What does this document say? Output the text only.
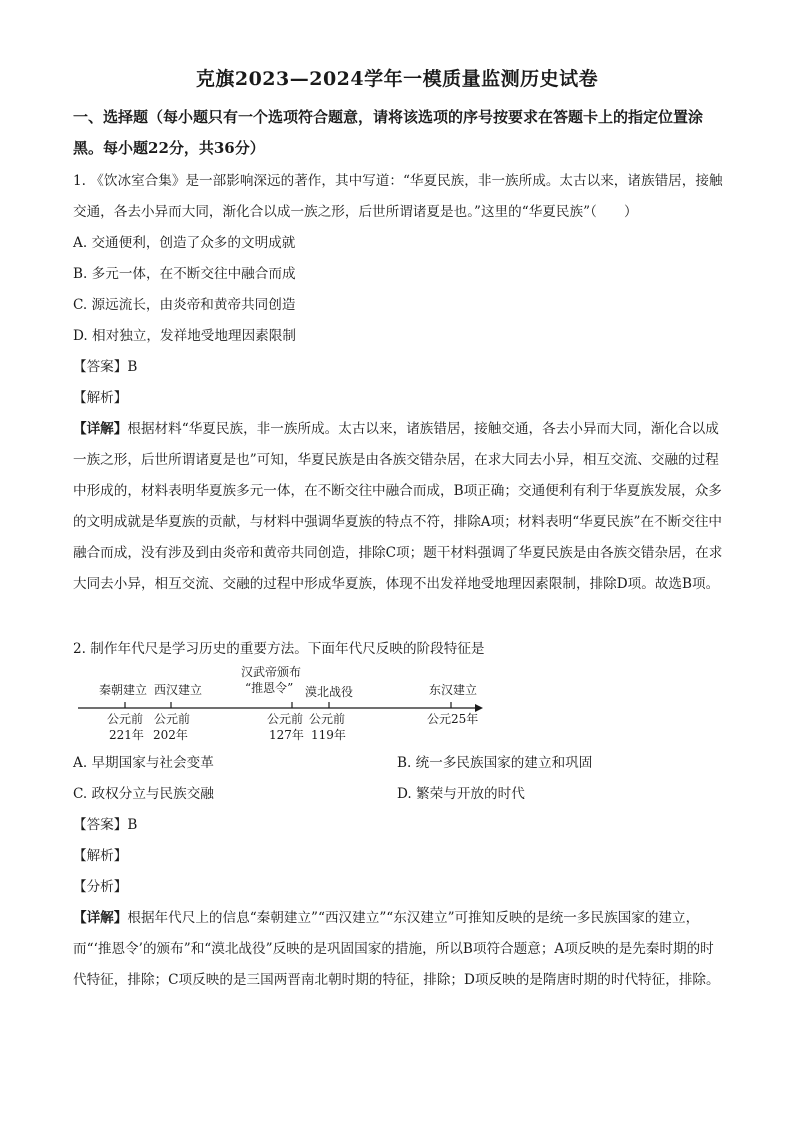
克旗2023—2024学年一模质量监测历史试卷
一、选择题（每小题只有一个选项符合题意，请将该选项的序号按要求在答题卡上的指定位置涂黑。每小题22分，共36分）
1. 《饮冰室合集》是一部影响深远的著作，其中写道：“华夏民族，非一族所成。太古以来，诸族错居，接触交通，各去小异而大同，渐化合以成一族之形，后世所谓诸夏是也。”这里的“华夏民族”（　　）
A. 交通便利，创造了众多的文明成就
B. 多元一体，在不断交往中融合而成
C. 源远流长，由炎帝和黄帝共同创造
D. 相对独立，发祥地受地理因素限制
【答案】B
【解析】
【详解】根据材料“华夏民族，非一族所成。太古以来，诸族错居，接触交通，各去小异而大同，渐化合以成一族之形，后世所谓诸夏是也”可知，华夏民族是由各族交错杂居，在求大同去小异，相互交流、交融的过程中形成的，材料表明华夏族多元一体，在不断交往中融合而成，B项正确；交通便利有利于华夏族发展，众多的文明成就是华夏族的贡献，与材料中强调华夏族的特点不符，排除A项；材料表明“华夏民族”在不断交往中融合而成，没有涉及到由炎帝和黄帝共同创造，排除C项；题干材料强调了华夏民族是由各族交错杂居，在求大同去小异，相互交流、交融的过程中形成华夏族，体现不出发祥地受地理因素限制，排除D项。故选B项。
2. 制作年代尺是学习历史的重要方法。下面年代尺反映的阶段特征是
汉武帝颁布
“推恩令”
秦朝建立 西汉建立	漠北战役	东汉建立
公元前
221年
公元前
202年
公元前
127年
公元前
119年
公元25年
A. 早期国家与社会变革	B. 统一多民族国家的建立和巩固
C. 政权分立与民族交融	D. 繁荣与开放的时代
【答案】B
【解析】
【分析】
【详解】根据年代尺上的信息“秦朝建立”“西汉建立”“东汉建立”可推知反映的是统一多民族国家的建立，而“‘推恩令’的颁布”和“漠北战役”反映的是巩固国家的措施，所以B项符合题意；A项反映的是先秦时期的时代特征，排除；C项反映的是三国两晋南北朝时期的特征，排除；D项反映的是隋唐时期的时代特征，排除。
